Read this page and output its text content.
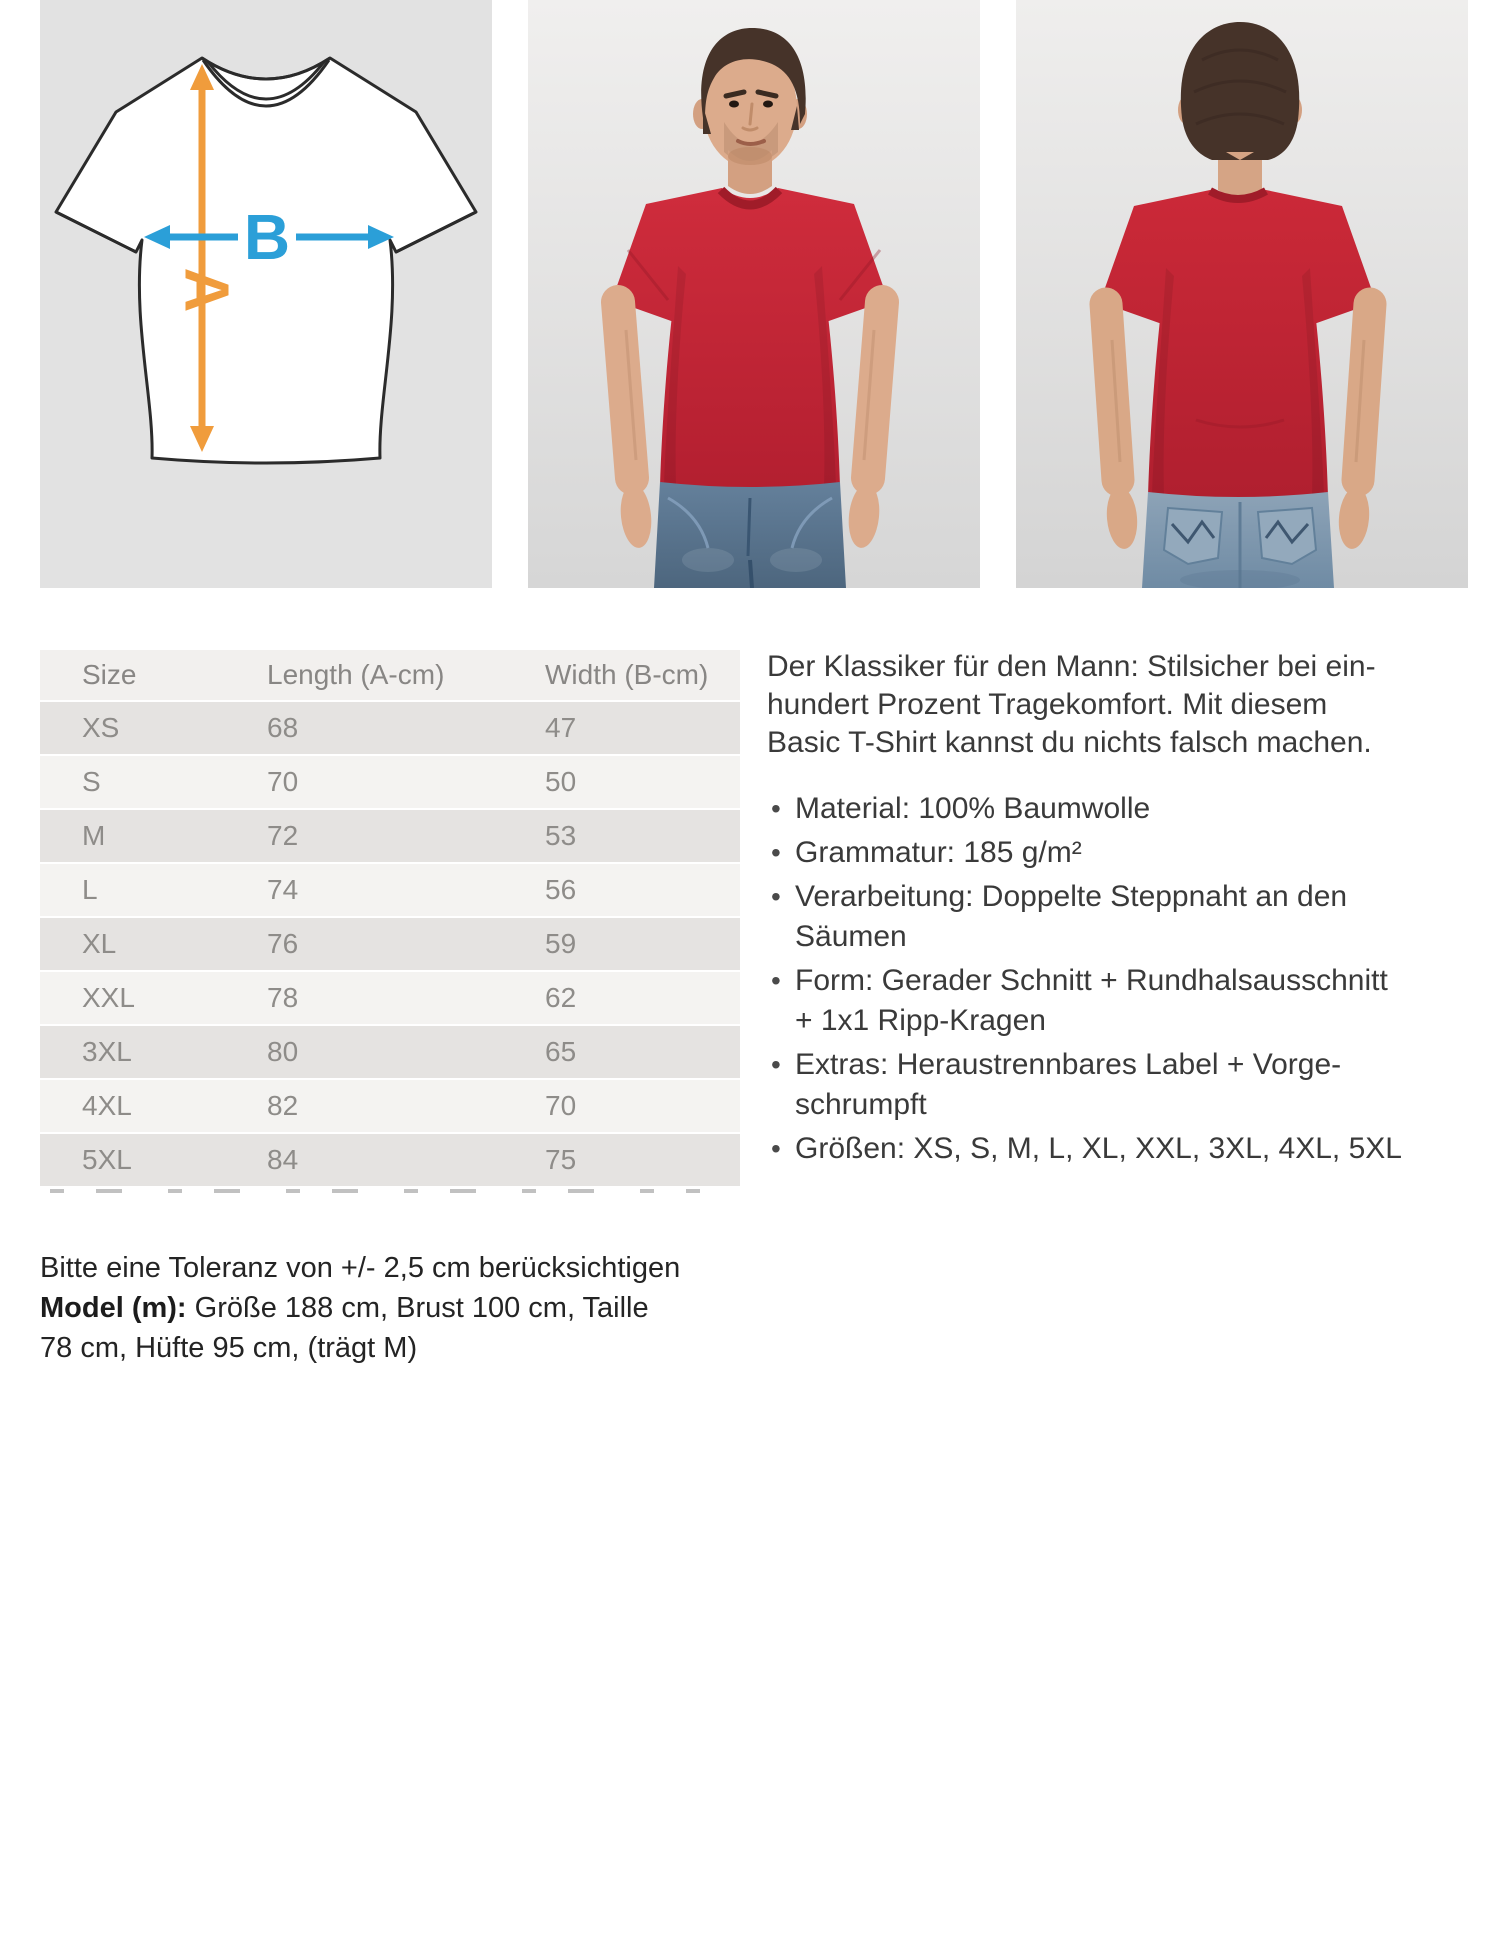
A
B
Size	Length (A-cm)	Width (B-cm)
XS	68	47
S	70	50
M	72	53
L	74	56
XL	76	59
XXL	78	62
3XL	80	65
4XL	82	70
5XL	84	75

Bitte eine Toleranz von +/- 2,5 cm berücksichtigen

Model (m): Größe 188 cm, Brust 100 cm, Taille 78 cm, Hüfte 95 cm, (trägt M)

Der Klassiker für den Mann: Stilsicher bei ein-
hundert Prozent Tragekomfort. Mit diesem
Basic T-Shirt kannst du nichts falsch machen.
• Material: 100% Baumwolle
• Grammatur: 185 g/m²
• Verarbeitung: Doppelte Steppnaht an den
Säumen
• Form: Gerader Schnitt + Rundhalsausschnitt
+ 1x1 Ripp-Kragen
• Extras: Heraustrennbares Label + Vorge-
schrumpft
• Größen: XS, S, M, L, XL, XXL, 3XL, 4XL, 5XL
